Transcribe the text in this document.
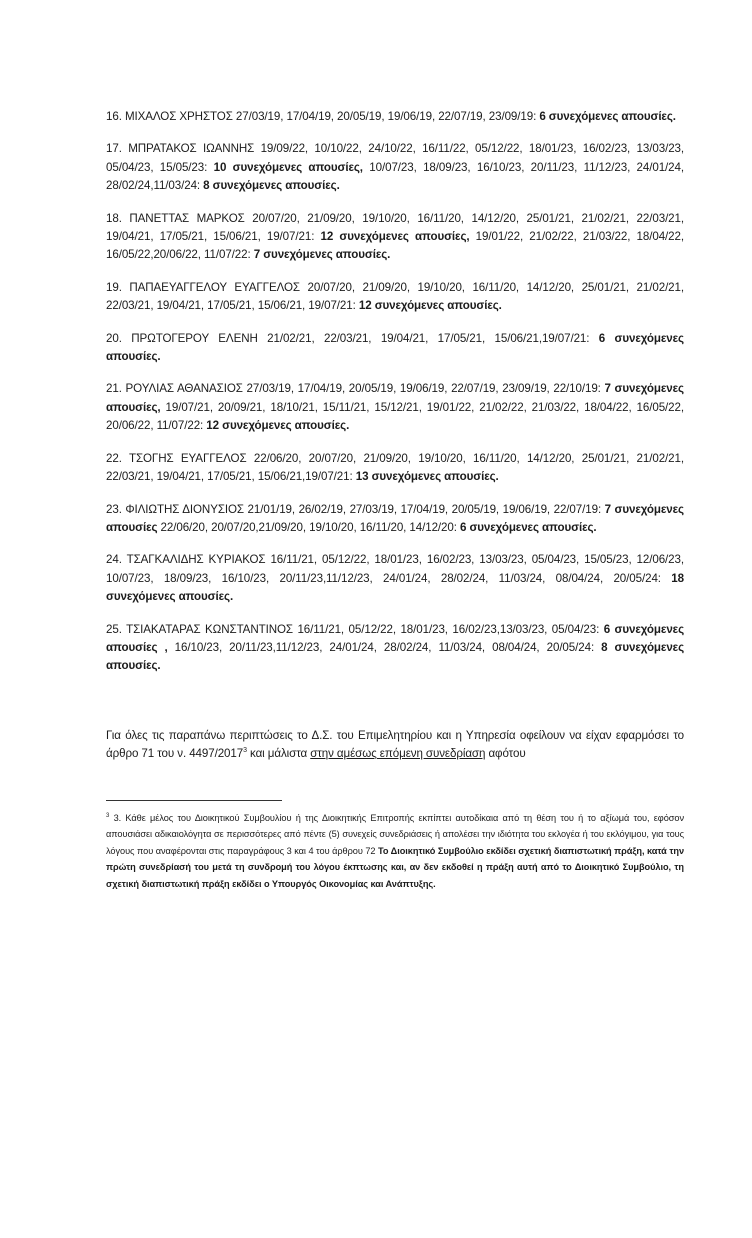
16. ΜΙΧΑΛΟΣ ΧΡΗΣΤΟΣ 27/03/19, 17/04/19, 20/05/19, 19/06/19, 22/07/19, 23/09/19: 6 συνεχόμενες απουσίες.

17. ΜΠΡΑΤΑΚΟΣ ΙΩΑΝΝΗΣ 19/09/22, 10/10/22, 24/10/22, 16/11/22, 05/12/22, 18/01/23, 16/02/23, 13/03/23, 05/04/23, 15/05/23: 10 συνεχόμενες απουσίες, 10/07/23, 18/09/23, 16/10/23, 20/11/23, 11/12/23, 24/01/24, 28/02/24,11/03/24: 8 συνεχόμενες απουσίες.

18. ΠΑΝΕΤΤΑΣ ΜΑΡΚΟΣ 20/07/20, 21/09/20, 19/10/20, 16/11/20, 14/12/20, 25/01/21, 21/02/21, 22/03/21, 19/04/21, 17/05/21, 15/06/21, 19/07/21: 12 συνεχόμενες απουσίες, 19/01/22, 21/02/22, 21/03/22, 18/04/22, 16/05/22,20/06/22, 11/07/22: 7 συνεχόμενες απουσίες.

19. ΠΑΠΑΕΥΑΓΓΕΛΟΥ ΕΥΑΓΓΕΛΟΣ 20/07/20, 21/09/20, 19/10/20, 16/11/20, 14/12/20, 25/01/21, 21/02/21, 22/03/21, 19/04/21, 17/05/21, 15/06/21, 19/07/21: 12 συνεχόμενες απουσίες.

20. ΠΡΩΤΟΓΕΡΟΥ ΕΛΕΝΗ 21/02/21, 22/03/21, 19/04/21, 17/05/21, 15/06/21,19/07/21: 6 συνεχόμενες απουσίες.

21. ΡΟΥΛΙΑΣ ΑΘΑΝΑΣΙΟΣ 27/03/19, 17/04/19, 20/05/19, 19/06/19, 22/07/19, 23/09/19, 22/10/19: 7 συνεχόμενες απουσίες, 19/07/21, 20/09/21, 18/10/21, 15/11/21, 15/12/21, 19/01/22, 21/02/22, 21/03/22, 18/04/22, 16/05/22, 20/06/22, 11/07/22: 12 συνεχόμενες απουσίες.

22. ΤΣΟΓΗΣ ΕΥΑΓΓΕΛΟΣ 22/06/20, 20/07/20, 21/09/20, 19/10/20, 16/11/20, 14/12/20, 25/01/21, 21/02/21, 22/03/21, 19/04/21, 17/05/21, 15/06/21,19/07/21: 13 συνεχόμενες απουσίες.

23. ΦΙΛΙΩΤΗΣ ΔΙΟΝΥΣΙΟΣ 21/01/19, 26/02/19, 27/03/19, 17/04/19, 20/05/19, 19/06/19, 22/07/19: 7 συνεχόμενες απουσίες 22/06/20, 20/07/20,21/09/20, 19/10/20, 16/11/20, 14/12/20: 6 συνεχόμενες απουσίες.

24. ΤΣΑΓΚΑΛΙΔΗΣ ΚΥΡΙΑΚΟΣ 16/11/21, 05/12/22, 18/01/23, 16/02/23, 13/03/23, 05/04/23, 15/05/23, 12/06/23, 10/07/23, 18/09/23, 16/10/23, 20/11/23,11/12/23, 24/01/24, 28/02/24, 11/03/24, 08/04/24, 20/05/24: 18 συνεχόμενες απουσίες.

25. ΤΣΙΑΚΑΤΑΡΑΣ ΚΩΝΣΤΑΝΤΙΝΟΣ 16/11/21, 05/12/22, 18/01/23, 16/02/23,13/03/23, 05/04/23: 6 συνεχόμενες απουσίες , 16/10/23, 20/11/23,11/12/23, 24/01/24, 28/02/24, 11/03/24, 08/04/24, 20/05/24: 8 συνεχόμενες απουσίες.

Για όλες τις παραπάνω περιπτώσεις το Δ.Σ. του Επιμελητηρίου και η Υπηρεσία οφείλουν να είχαν εφαρμόσει το άρθρο 71 του ν. 4497/2017$^3$ και μάλιστα στην αμέσως επόμενη συνεδρίαση αφότου

$^3$ 3. Κάθε μέλος του Διοικητικού Συμβουλίου ή της Διοικητικής Επιτροπής εκπίπτει αυτοδίκαια από τη θέση του ή το αξίωμά του, εφόσον απουσιάσει αδικαιολόγητα σε περισσότερες από πέντε (5) συνεχείς συνεδριάσεις ή απολέσει την ιδιότητα του εκλογέα ή του εκλόγιμου, για τους λόγους που αναφέρονται στις παραγράφους 3 και 4 του άρθρου 72 Το Διοικητικό Συμβούλιο εκδίδει σχετική διαπιστωτική πράξη, κατά την πρώτη συνεδρίασή του μετά τη συνδρομή του λόγου έκπτωσης και, αν δεν εκδοθεί η πράξη αυτή από το Διοικητικό Συμβούλιο, τη σχετική διαπιστωτική πράξη εκδίδει ο Υπουργός Οικονομίας και Ανάπτυξης.
